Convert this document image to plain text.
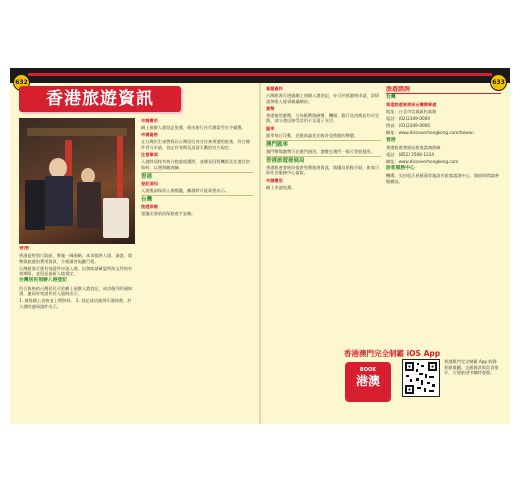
632	633
香港旅遊資訊

香港

香港是特別行政區，實施一國兩制，本章提供入境、簽證、貨幣與旅遊的實用資訊，方便讀者規劃行程。

台灣旅客可憑有效證件申請入境，出發前請確認所持文件的有效期限，並留意最新入境規定。

台灣居民預辦入港登記

符合資格的台灣居民可於網上預辦入港登記，成功後列印通知書，連同有效證件於入境時出示。

1. 填寫網上表格並上傳資料。 2. 登記成功後列印通知書，於入境時連同證件出示。

申請費用

網上預辦入港登記免費，經由旅行社代辦需另付手續費。

申請資格

在台灣出生或曾經以台灣居民身分往來香港的旅客，符合條件者可申請，登記有效期及逗留天數依官方規定。

注意事項

入境時須持有效台胞證或護照，並備妥回程機票及在港住宿資料，以便海關查驗。

香港

登記須知

入境後請保留入境標籤，離境時可能需要出示。

台灣

旅遊保險

建議出發前投保旅遊平安險。

簽證資料

台灣旅客可透過網上預辦入港登記，亦可於抵港時申請，詳情請參閱入境事務處網站。

貨幣

香港使用港幣，分為紙幣與硬幣，機場、銀行及找換店均可兌換，部分商店接受信用卡及電子支付。

匯率

匯率每日浮動，兌換前請先比較各兌換點的牌價。

澳門匯率

澳門幣與港幣可在澳門通用，港幣在澳門一般可等值使用。

香港旅遊發展局

香港旅遊發展局提供免費旅遊資訊、地圖及景點介紹，旅客可前往各服務中心索取。

申請費用

網上申請免費。

旅遊諮詢

台灣

香港旅遊發展局台灣辦事處

地址：台北市信義區松高路

電話：(02)2349-0000

傳真：(02)2349-0000

網址：www.discoverhongkong.com/taiwan

香港

香港旅遊發展局旅客諮詢熱線

電話：(852) 2508-1234

網址：www.discoverhongkong.com

旅客服務中心

機場、尖沙咀天星碼頭等地設有旅客諮詢中心，開放時間請參閱網站。

香港澳門完全制霸 iOS App
BOOK
港澳
香港澳門完全制霸 App 收錄景點地圖、交通資訊與美食推介，方便旅途中隨時查閱。
